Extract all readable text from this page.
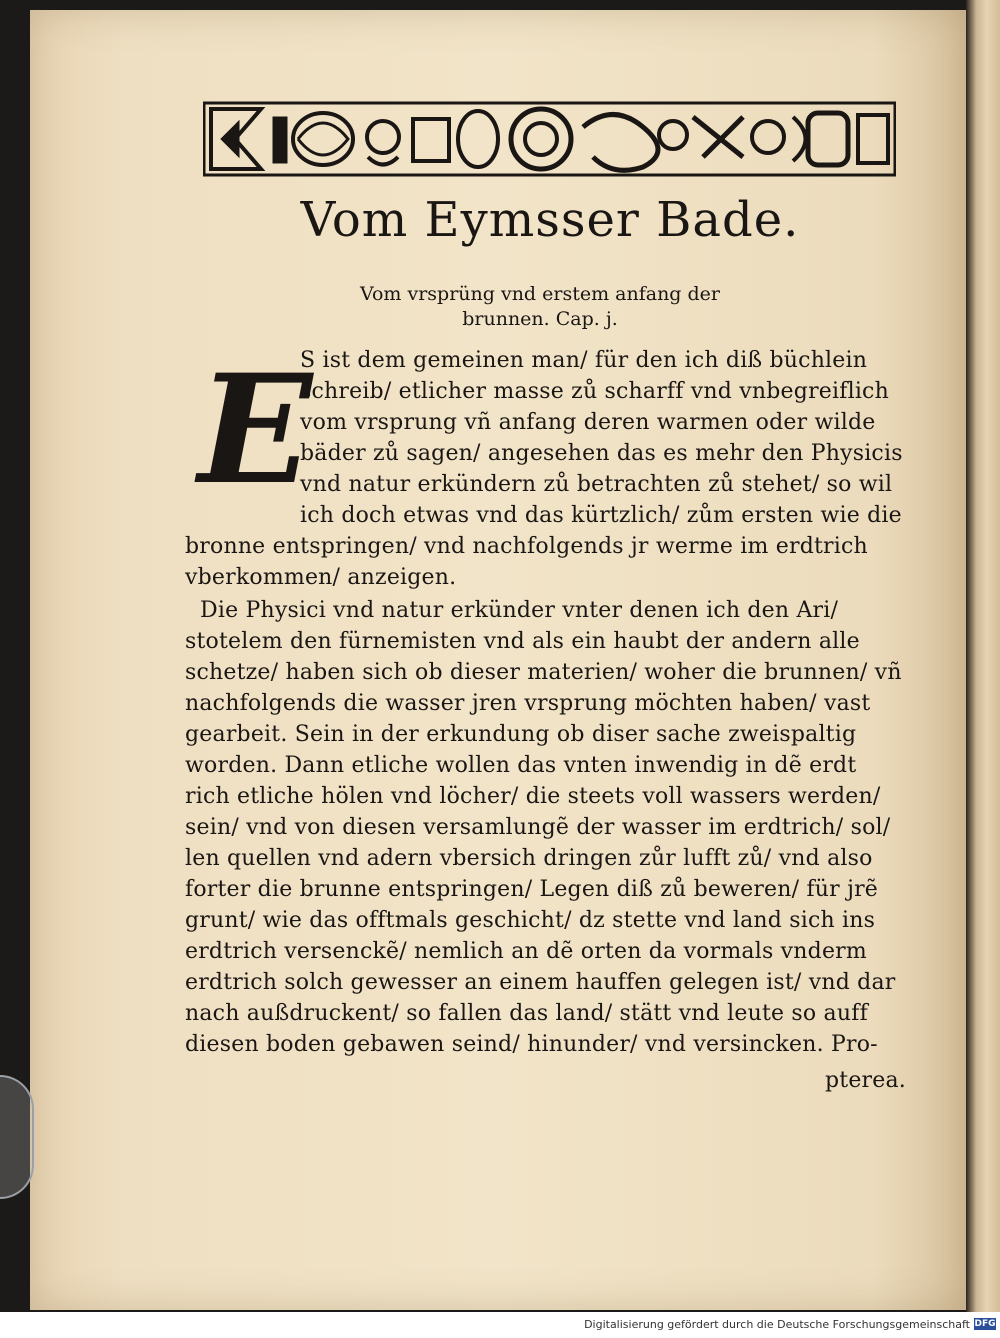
Vom Eymsser Bade.
Vom vrsprüng vnd erstem anfang der
brunnen. Cap. j.
E
S ist dem gemeinen man/ für den ich diß büchlein
schreib/ etlicher masse zů scharff vnd vnbegreiflich
vom vrsprung vñ anfang deren warmen oder wilde
bäder zů sagen/ angesehen das es mehr den Physicis
vnd natur erkündern zů betrachten zů stehet/ so wil
ich doch etwas vnd das kürtzlich/ zům ersten wie die
bronne entspringen/ vnd nachfolgends jr werme im erdtrich
vberkommen/ anzeigen.
Die Physici vnd natur erkünder vnter denen ich den Ari/
stotelem den fürnemisten vnd als ein haubt der andern alle
schetze/ haben sich ob dieser materien/ woher die brunnen/ vñ
nachfolgends die wasser jren vrsprung möchten haben/ vast
gearbeit. Sein in der erkundung ob diser sache zweispaltig
worden. Dann etliche wollen das vnten inwendig in dẽ erdt
rich etliche hölen vnd löcher/ die steets voll wassers werden/
sein/ vnd von diesen versamlungẽ der wasser im erdtrich/ sol/
len quellen vnd adern vbersich dringen zůr lufft zů/ vnd also
forter die brunne entspringen/ Legen diß zů beweren/ für jrẽ
grunt/ wie das offtmals geschicht/ dz stette vnd land sich ins
erdtrich versenckẽ/ nemlich an dẽ orten da vormals vnderm
erdtrich solch gewesser an einem hauffen gelegen ist/ vnd dar
nach außdruckent/ so fallen das land/ stätt vnd leute so auff
diesen boden gebawen seind/ hinunder/ vnd versincken. Pro-
pterea.
Digitalisierung gefördert durch die Deutsche Forschungsgemeinschaft DFG
